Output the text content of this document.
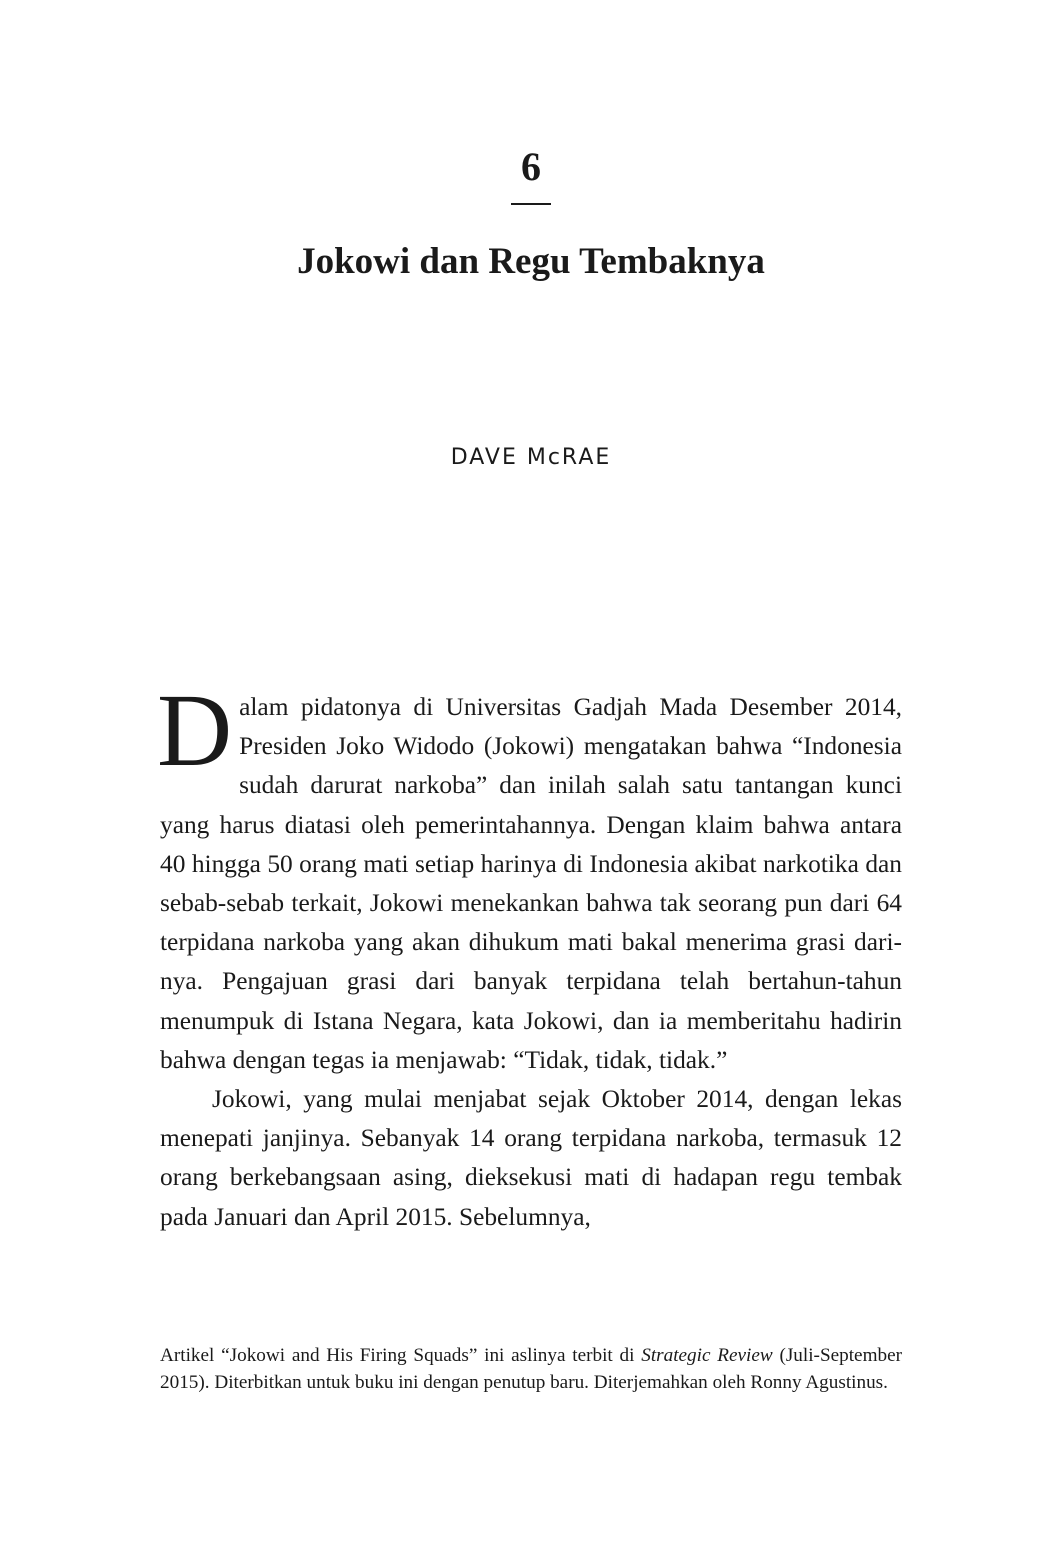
6
Jokowi dan Regu Tembaknya
DAVE McRAE

Dalam pidatonya di Universitas Gadjah Mada Desember 2014, Presiden Joko Widodo (Jokowi) mengatakan bahwa “Indonesia sudah darurat narkoba” dan inilah salah satu tantangan kunci yang harus diatasi oleh pemerintahannya. Dengan klaim bahwa antara 40 hingga 50 orang mati setiap harinya di Indonesia akibat narkotika dan sebab-sebab terkait, Jokowi menekankan bahwa tak seorang pun dari 64 terpidana narkoba yang akan dihukum mati bakal menerima grasi darinya. Pengajuan grasi dari banyak terpidana telah bertahun-tahun menumpuk di Istana Negara, kata Jokowi, dan ia memberitahu hadirin bahwa dengan tegas ia menjawab: “Tidak, tidak, tidak.”

Jokowi, yang mulai menjabat sejak Oktober 2014, dengan lekas menepati janjinya. Sebanyak 14 orang terpidana narkoba, termasuk 12 orang berkebangsaan asing, dieksekusi mati di hadapan regu tembak pada Januari dan April 2015. Sebelumnya,

Artikel “Jokowi and His Firing Squads” ini aslinya terbit di Strategic Review (Juli-September 2015). Diterbitkan untuk buku ini dengan penutup baru. Diterjemahkan oleh Ronny Agustinus.
